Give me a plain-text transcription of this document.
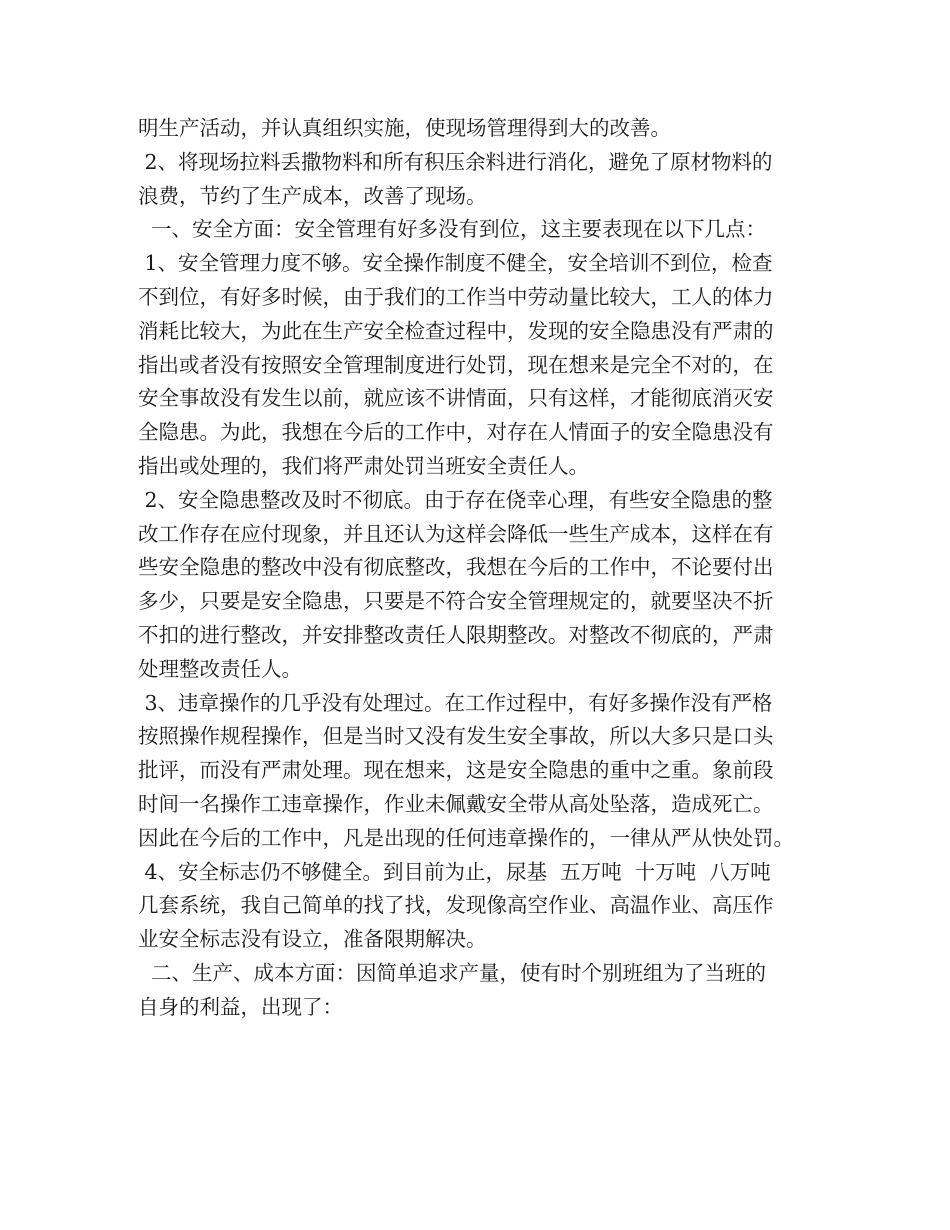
明生产活动，并认真组织实施，使现场管理得到大的改善。
2、将现场拉料丢撒物料和所有积压余料进行消化，避免了原材物料的
浪费，节约了生产成本，改善了现场。
一、安全方面：安全管理有好多没有到位，这主要表现在以下几点：
1、安全管理力度不够。安全操作制度不健全，安全培训不到位，检查
不到位，有好多时候，由于我们的工作当中劳动量比较大，工人的体力
消耗比较大，为此在生产安全检查过程中，发现的安全隐患没有严肃的
指出或者没有按照安全管理制度进行处罚，现在想来是完全不对的，在
安全事故没有发生以前，就应该不讲情面，只有这样，才能彻底消灭安
全隐患。为此，我想在今后的工作中，对存在人情面子的安全隐患没有
指出或处理的，我们将严肃处罚当班安全责任人。
2、安全隐患整改及时不彻底。由于存在侥幸心理，有些安全隐患的整
改工作存在应付现象，并且还认为这样会降低一些生产成本，这样在有
些安全隐患的整改中没有彻底整改，我想在今后的工作中，不论要付出
多少，只要是安全隐患，只要是不符合安全管理规定的，就要坚决不折
不扣的进行整改，并安排整改责任人限期整改。对整改不彻底的，严肃
处理整改责任人。
3、违章操作的几乎没有处理过。在工作过程中，有好多操作没有严格
按照操作规程操作，但是当时又没有发生安全事故，所以大多只是口头
批评，而没有严肃处理。现在想来，这是安全隐患的重中之重。象前段
时间一名操作工违章操作，作业未佩戴安全带从高处坠落，造成死亡。
因此在今后的工作中，凡是出现的任何违章操作的，一律从严从快处罚。
4、安全标志仍不够健全。到目前为止，尿基  五万吨  十万吨  八万吨
几套系统，我自己简单的找了找，发现像高空作业、高温作业、高压作
业安全标志没有设立，准备限期解决。
二、生产、成本方面：因简单追求产量，使有时个别班组为了当班的
自身的利益，出现了：
